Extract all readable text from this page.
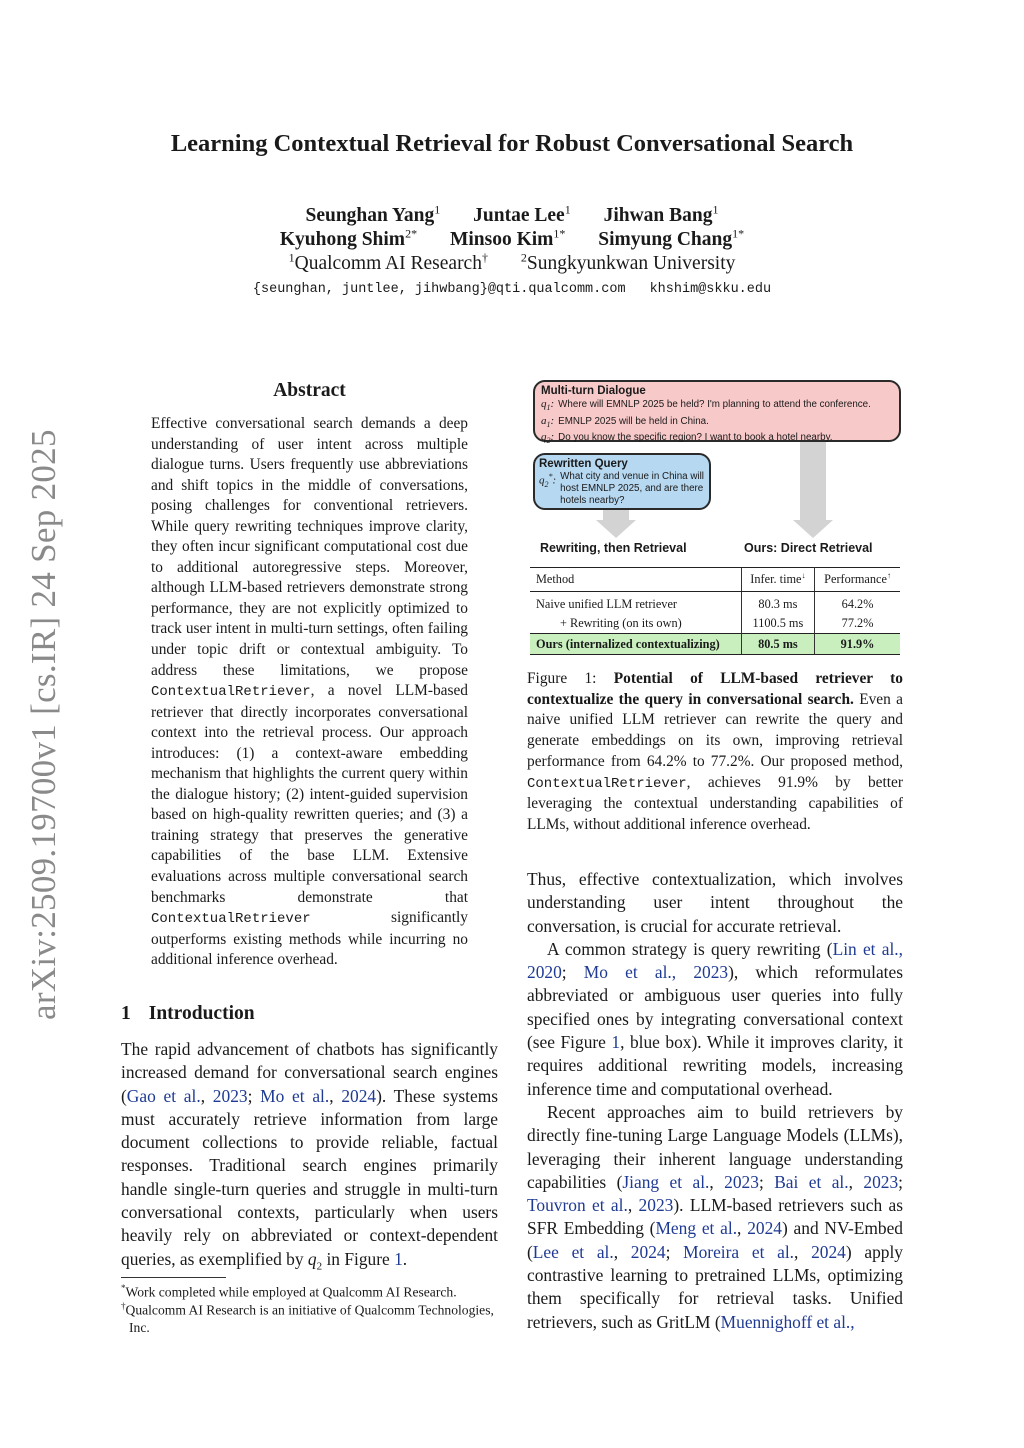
arXiv:2509.19700v1 [cs.IR] 24 Sep 2025
Learning Contextual Retrieval for Robust Conversational Search
Seunghan Yang$^1$ Juntae Lee$^1$ Jihwan Bang$^1$
Kyuhong Shim$^{2*}$ Minsoo Kim$^{1*}$ Simyung Chang$^{1*}$
$^1$Qualcomm AI Research†	$^2$Sungkyunkwan University
{seunghan, juntlee, jihwbang}@qti.qualcomm.com khshim@skku.edu
Abstract
Effective conversational search demands a deep understanding of user intent across multiple dialogue turns. Users frequently use abbreviations and shift topics in the middle of conversations, posing challenges for conventional retrievers. While query rewriting techniques improve clarity, they often incur significant computational cost due to additional autoregressive steps. Moreover, although LLM-based retrievers demonstrate strong performance, they are not explicitly optimized to track user intent in multi-turn settings, often failing under topic drift or contextual ambiguity. To address these limitations, we propose ContextualRetriever, a novel LLM-based retriever that directly incorporates conversational context into the retrieval process. Our approach introduces: (1) a context-aware embedding mechanism that highlights the current query within the dialogue history; (2) intent-guided supervision based on high-quality rewritten queries; and (3) a training strategy that preserves the generative capabilities of the base LLM. Extensive evaluations across multiple conversational search benchmarks demonstrate that ContextualRetriever	significantly outperforms existing methods while incurring no additional inference overhead.
1 Introduction
The rapid advancement of chatbots has significantly increased demand for conversational search engines (Gao et al., 2023; Mo et al., 2024). These systems must accurately retrieve information from large document collections to provide reliable, factual responses. Traditional search engines primarily handle single-turn queries and struggle in multi-turn conversational contexts, particularly when users heavily rely on abbreviated or context-dependent queries, as exemplified by $q_2$ in Figure 1.
*Work completed while employed at Qualcomm AI Research.
†Qualcomm AI Research is an initiative of Qualcomm Technologies, Inc.
Multi-turn Dialogue
$q_1$: Where will EMNLP 2025 be held? I'm planning to attend the conference.
$a_1$: EMNLP 2025 will be held in China.
$q_2$: Do you know the specific region? I want to book a hotel nearby.
Rewritten Query
$q_2^*$: What city and venue in China will host EMNLP 2025, and are there hotels nearby?
Rewriting, then Retrieval	Ours: Direct Retrieval
Method	Infer. time↓	Performance↑
Naive unified LLM retriever	80.3 ms	64.2%
+ Rewriting (on its own)	1100.5 ms	77.2%
Ours (internalized contextualizing)	80.5 ms	91.9%
Figure 1: Potential of LLM-based retriever to contextualize the query in conversational search. Even a naive unified LLM retriever can rewrite the query and generate embeddings on its own, improving retrieval performance from 64.2% to 77.2%. Our proposed method, ContextualRetriever, achieves 91.9% by better leveraging the contextual understanding capabilities of LLMs, without additional inference overhead.

Thus, effective contextualization, which involves understanding user intent throughout the conversation, is crucial for accurate retrieval.

A common strategy is query rewriting (Lin et al., 2020; Mo et al., 2023), which reformulates abbreviated or ambiguous user queries into fully specified ones by integrating conversational context (see Figure 1, blue box). While it improves clarity, it requires additional rewriting models, increasing inference time and computational overhead.

Recent approaches aim to build retrievers by directly fine-tuning Large Language Models (LLMs), leveraging their inherent language understanding capabilities (Jiang et al., 2023; Bai et al., 2023; Touvron et al., 2023). LLM-based retrievers such as SFR Embedding (Meng et al., 2024) and NV-Embed (Lee et al., 2024; Moreira et al., 2024) apply contrastive learning to pretrained LLMs, optimizing them specifically for retrieval tasks. Unified retrievers, such as GritLM (Muennighoff et al.,
